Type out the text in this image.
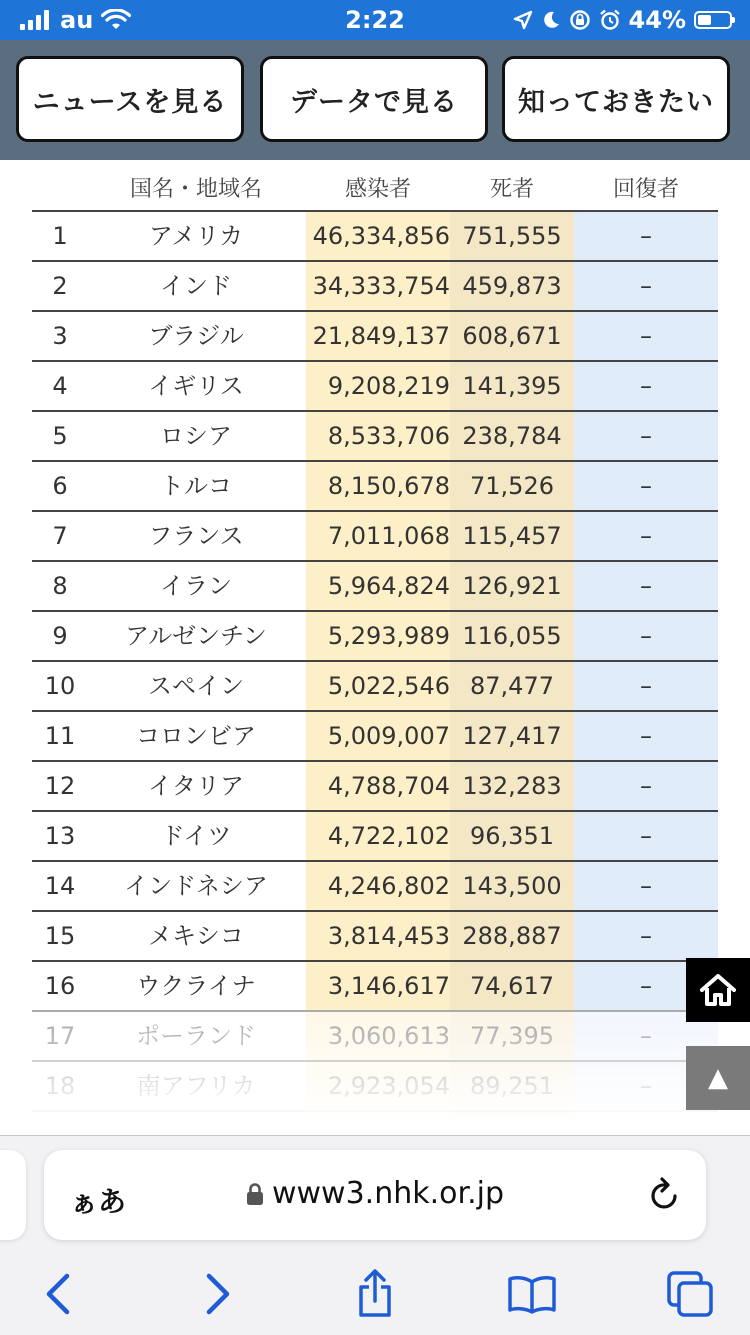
au	2:22	44%
ニュースを見る	データで見る	知っておきたい
国名・地域名	感染者	死者	回復者
1	アメリカ	46,334,856 751,555	–
2	インド	34,333,754 459,873	–
3	ブラジル	21,849,137 608,671	–
4	イギリス	9,208,219 141,395	–
5	ロシア	8,533,706 238,784	–
6	トルコ	8,150,678 71,526	–
7	フランス	7,011,068 115,457	–
8	イラン	5,964,824 126,921	–
9	アルゼンチン	5,293,989 116,055	–
10	スペイン	5,022,546 87,477	–
11	コロンビア	5,009,007 127,417	–
12	イタリア	4,788,704 132,283	–
13	ドイツ	4,722,102 96,351	–
14	インドネシア	4,246,802 143,500	–
15	メキシコ	3,814,453 288,887	–
16	ウクライナ	3,146,617 74,617	–
▲
ぁあ	www3.nhk.or.jp
